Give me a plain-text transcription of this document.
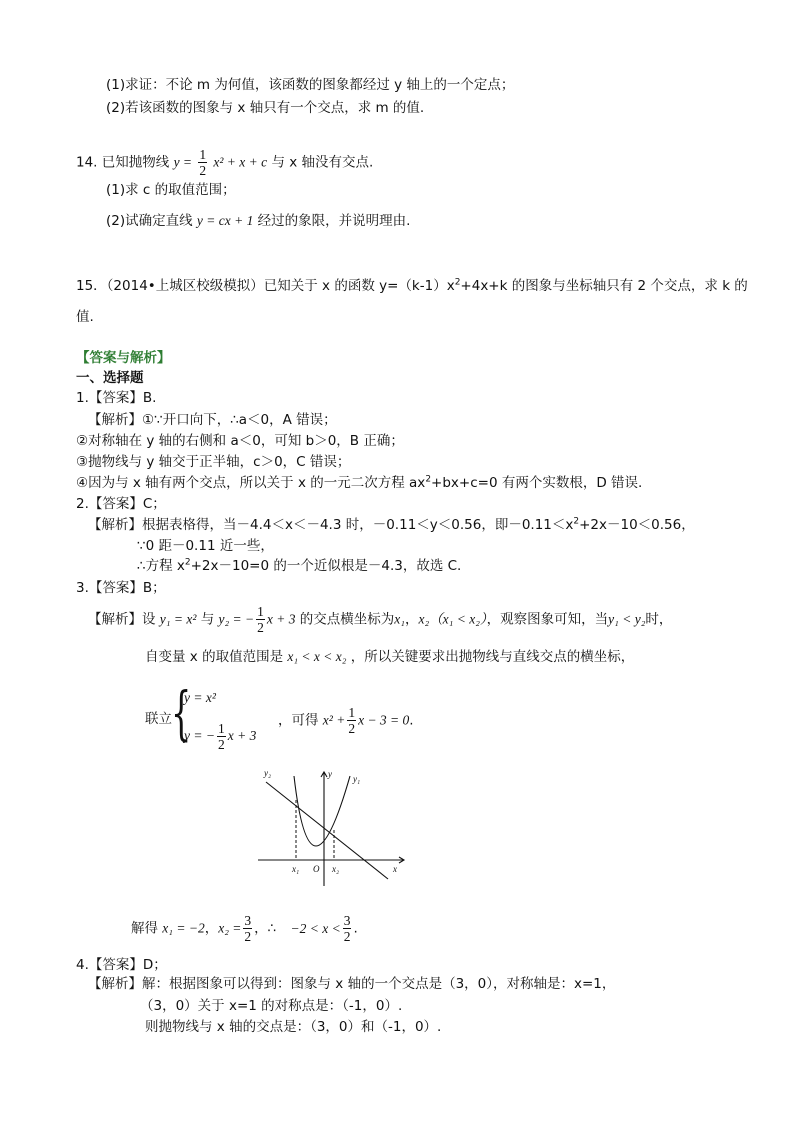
(1)求证：不论 m 为何值，该函数的图象都经过 y 轴上的一个定点；
(2)若该函数的图象与 x 轴只有一个交点，求 m 的值.
14. 已知抛物线 $y = \frac{1}{2} x^2 + x + c$ 与 x 轴没有交点.
(1)求 c 的取值范围；
(2)试确定直线 y = cx + 1 经过的象限，并说明理由.
15．（2014•上城区校级模拟）已知关于 x 的函数 $y=(k-1)x^2+4x+k$ 的图象与坐标轴只有 2 个交点，求 k 的
值.
【答案与解析】
一、选择题
1.【答案】B.
【解析】①∵开口向下，∴a＜0，A 错误；
②对称轴在 y 轴的右侧和 a＜0，可知 b＞0，B 正确；
③抛物线与 y 轴交于正半轴，c＞0，C 错误；
④因为与 x 轴有两个交点，所以关于 x 的一元二次方程 $ax^2+bx+c=0$ 有两个实数根，D 错误.
2.【答案】C；
【解析】根据表格得，当－4.4＜x＜－4.3 时，－0.11＜y＜0.56，即$-0.11<x^2+2x-10<0.56$，
∵0 距－0.11 近一些，
∴方程 $x^2+2x-10=0$ 的一个近似根是－4.3，故选 C.
3.【答案】B；
【解析】设 y₁ = x² 与 y₂ = − $\frac{1}{2}$ x + 3 的交点横坐标为x₁，x₂（x₁ < x₂），观察图象可知，当y₁ < y₂时，
自变量 x 的取值范围是 x₁ < x < x₂ ，所以关键要求出抛物线与直线交点的横坐标，
联立 {
y = x²
y = − $\frac{1}{2}$ x + 3
，可得 $x^2 + \frac{1}{2}$ x − 3 = 0.
y₂	y y₁
x₁ O x₂	x
解得 x₁ = −2，$x_2 = \frac{3}{2}$ ，∴ $-2 < x < \frac{3}{2}$ .
4.【答案】D；
【解析】解：根据图象可以得到：图象与 x 轴的一个交点是（3，0），对称轴是：x=1，
（3，0）关于 x=1 的对称点是：（-1，0）.
则抛物线与 x 轴的交点是：（3，0）和（-1，0）.
